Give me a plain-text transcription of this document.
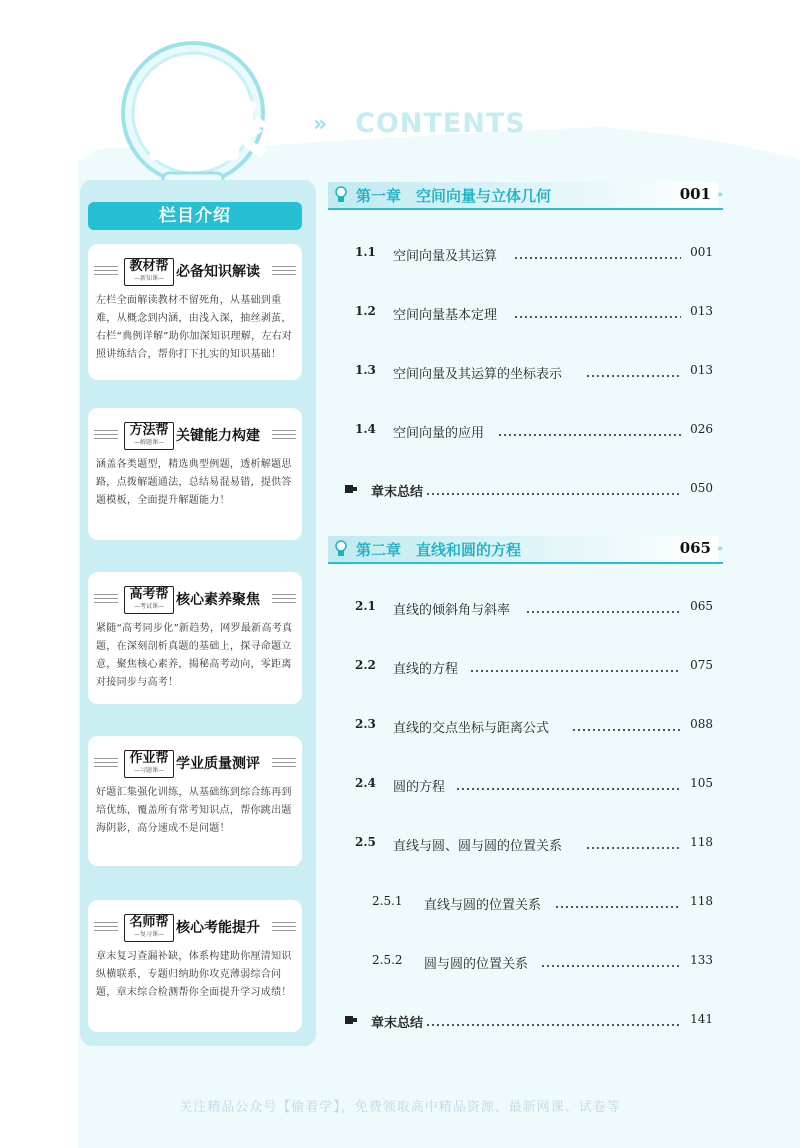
目录 » CONTENTS
栏目介绍
教材帮
—新知课— 必备知识解读
左栏全面解读教材不留死角，从基础到重难，从概念到内涵，由浅入深，抽丝剥茧，右栏“典例详解”助你加深知识理解，左右对照讲练结合，帮你打下扎实的知识基础！
方法帮
—解题课— 关键能力构建
涵盖各类题型，精选典型例题，透析解题思路，点拨解题通法，总结易混易错，提供答题模板，全面提升解题能力！
高考帮
—考试课— 核心素养聚焦
紧随“高考同步化”新趋势，网罗最新高考真题，在深刻剖析真题的基础上，探寻命题立意，聚焦核心素养，揭秘高考动向，零距离对接同步与高考！
作业帮
—习题课— 学业质量测评
好题汇集强化训练，从基础练到综合练再到培优练，覆盖所有常考知识点，帮你跳出题海阴影，高分速成不是问题！
名师帮
—复习课— 核心考能提升
章末复习查漏补缺，体系构建助你厘清知识纵横联系，专题归纳助你攻克薄弱综合问题，章末综合检测帮你全面提升学习成绩！
第一章　空间向量与立体几何	001 »
1.1 空间向量及其运算	001
1.2 空间向量基本定理	013
1.3 空间向量及其运算的坐标表示	013
1.4 空间向量的应用	026
章末总结	050
第二章　直线和圆的方程	065 »
2.1 直线的倾斜角与斜率	065
2.2 直线的方程	075
2.3 直线的交点坐标与距离公式	088
2.4 圆的方程	105
2.5 直线与圆、圆与圆的位置关系	118
2.5.1 直线与圆的位置关系	118
2.5.2 圆与圆的位置关系	133
章末总结	141
关注精品公众号【偷着学】，免费领取高中精品资源、最新网课、试卷等
